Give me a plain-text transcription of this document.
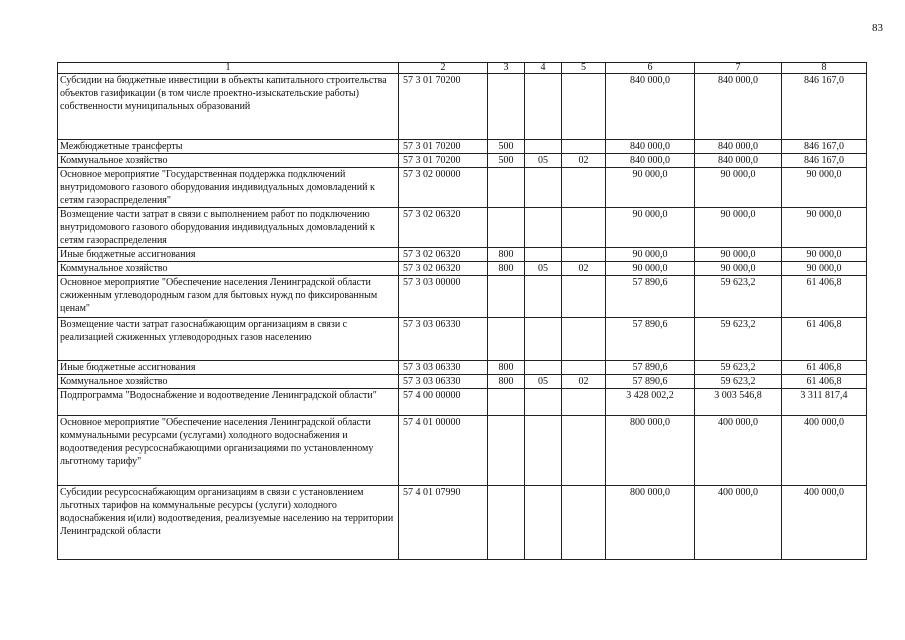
83
1	2	3	4	5	6	7	8
Субсидии на бюджетные инвестиции в объекты капитального строительства объектов газификации (в том числе проектно-изыскательские работы) собственности муниципальных образований	57 3 01 70200				840 000,0	840 000,0	846 167,0
Межбюджетные трансферты	57 3 01 70200	500			840 000,0	840 000,0	846 167,0
Коммунальное хозяйство	57 3 01 70200	500	05	02	840 000,0	840 000,0	846 167,0
Основное мероприятие "Государственная поддержка подключений внутридомового газового оборудования индивидуальных домовладений к сетям газораспределения"	57 3 02 00000				90 000,0	90 000,0	90 000,0
Возмещение части затрат в связи с выполнением работ по подключению внутридомового газового оборудования индивидуальных домовладений к сетям газораспределения	57 3 02 06320				90 000,0	90 000,0	90 000,0
Иные бюджетные ассигнования	57 3 02 06320	800			90 000,0	90 000,0	90 000,0
Коммунальное хозяйство	57 3 02 06320	800	05	02	90 000,0	90 000,0	90 000,0
Основное мероприятие "Обеспечение населения Ленинградской области сжиженным углеводородным газом для бытовых нужд по фиксированным ценам"	57 3 03 00000				57 890,6	59 623,2	61 406,8
Возмещение части затрат газоснабжающим организациям в связи с реализацией сжиженных углеводородных газов населению	57 3 03 06330				57 890,6	59 623,2	61 406,8
Иные бюджетные ассигнования	57 3 03 06330	800			57 890,6	59 623,2	61 406,8
Коммунальное хозяйство	57 3 03 06330	800	05	02	57 890,6	59 623,2	61 406,8
Подпрограмма "Водоснабжение и водоотведение Ленинградской области"	57 4 00 00000				3 428 002,2	3 003 546,8	3 311 817,4
Основное мероприятие "Обеспечение населения Ленинградской области коммунальными ресурсами (услугами) холодного водоснабжения и водоотведения ресурсоснабжающими организациями по установленному льготному тарифу"	57 4 01 00000				800 000,0	400 000,0	400 000,0
Субсидии ресурсоснабжающим организациям в связи с установлением льготных тарифов на коммунальные ресурсы (услуги) холодного водоснабжения и(или) водоотведения, реализуемые населению на территории Ленинградской области	57 4 01 07990				800 000,0	400 000,0	400 000,0
